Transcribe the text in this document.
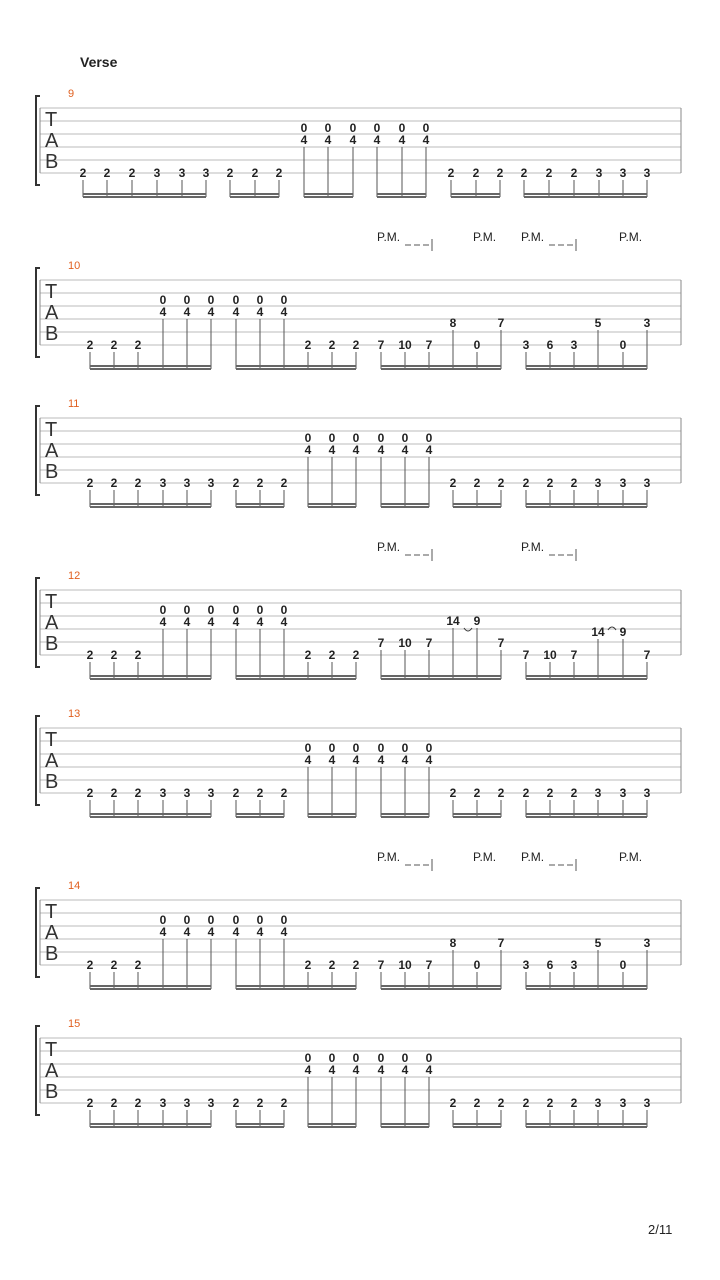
Verse
9
T
A
B 2 2 2 3 3 3 2 2 2
0
4
0
4
0
4
0
4
0
4
0
4
2 2 2 2 2 2 3 3 3
10
T
A
B
P.M.	P.M. P.M.	P.M.
2 2 2
0
4
0
4
0
4
0
4
0
4
0
4
2 2 2 7 10 7
8
0
7
3 6 3
5
0
3
11
T
A
B 2 2 2 3 3 3 2 2 2
0
4
0
4
0
4
0
4
0
4
0
4
2 2 2 2 2 2 3 3 3
12
T
A
B
P.M.	P.M.
2 2 2
0
4
0
4
0
4
0
4
0
4
0
4
2 2 2
7 10 7
14 9
7
7 10 7
14 9
7
13
T
A
B 2 2 2 3 3 3 2 2 2
0
4
0
4
0
4
0
4
0
4
0
4
2 2 2 2 2 2 3 3 3
14
T
A
B
P.M.	P.M. P.M.	P.M.
2 2 2
0
4
0
4
0
4
0
4
0
4
0
4
2 2 2 7 10 7
8
0
7
3 6 3
5
0
3
15
T
A
B 2 2 2 3 3 3 2 2 2
0
4
0
4
0
4
0
4
0
4
0
4
2 2 2 2 2 2 3 3 3
2/11
